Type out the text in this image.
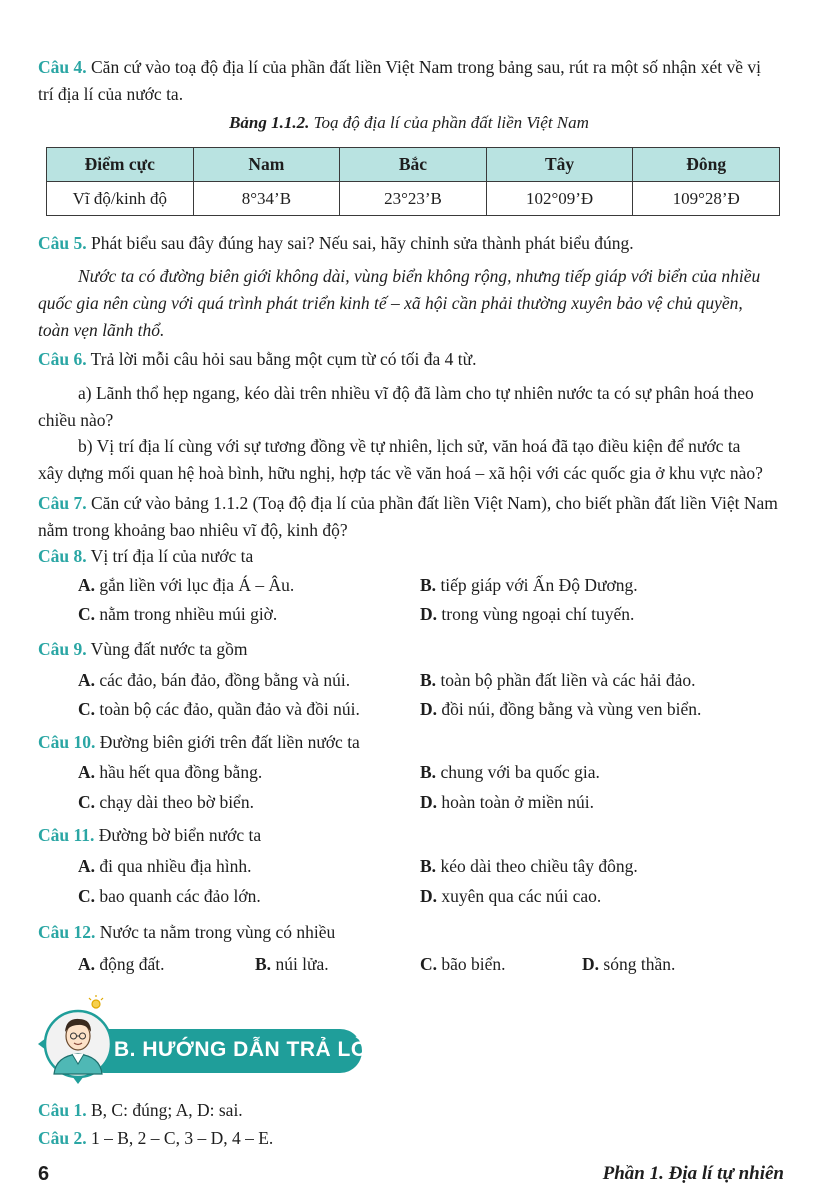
Câu 4. Căn cứ vào toạ độ địa lí của phần đất liền Việt Nam trong bảng sau, rút ra một số nhận xét về vị
trí địa lí của nước ta.
Bảng 1.1.2. Toạ độ địa lí của phần đất liền Việt Nam
Điểm cực	Nam	Bắc	Tây	Đông
Vĩ độ/kinh độ	8°34’B	23°23’B	102°09’Đ	109°28’Đ
Câu 5. Phát biểu sau đây đúng hay sai? Nếu sai, hãy chỉnh sửa thành phát biểu đúng.
Nước ta có đường biên giới không dài, vùng biển không rộng, nhưng tiếp giáp với biển của nhiều
quốc gia nên cùng với quá trình phát triển kinh tế – xã hội cần phải thường xuyên bảo vệ chủ quyền,
toàn vẹn lãnh thổ.
Câu 6. Trả lời mỗi câu hỏi sau bằng một cụm từ có tối đa 4 từ.
a) Lãnh thổ hẹp ngang, kéo dài trên nhiều vĩ độ đã làm cho tự nhiên nước ta có sự phân hoá theo
chiều nào?
b) Vị trí địa lí cùng với sự tương đồng về tự nhiên, lịch sử, văn hoá đã tạo điều kiện để nước ta
xây dựng mối quan hệ hoà bình, hữu nghị, hợp tác về văn hoá – xã hội với các quốc gia ở khu vực nào?
Câu 7. Căn cứ vào bảng 1.1.2 (Toạ độ địa lí của phần đất liền Việt Nam), cho biết phần đất liền Việt Nam
nằm trong khoảng bao nhiêu vĩ độ, kinh độ?
Câu 8. Vị trí địa lí của nước ta
A. gắn liền với lục địa Á – Âu.	B. tiếp giáp với Ấn Độ Dương.
C. nằm trong nhiều múi giờ.	D. trong vùng ngoại chí tuyến.
Câu 9. Vùng đất nước ta gồm
A. các đảo, bán đảo, đồng bằng và núi.	B. toàn bộ phần đất liền và các hải đảo.
C. toàn bộ các đảo, quần đảo và đồi núi.	D. đồi núi, đồng bằng và vùng ven biển.
Câu 10. Đường biên giới trên đất liền nước ta
A. hầu hết qua đồng bằng.	B. chung với ba quốc gia.
C. chạy dài theo bờ biển.	D. hoàn toàn ở miền núi.
Câu 11. Đường bờ biển nước ta
A. đi qua nhiều địa hình.	B. kéo dài theo chiều tây đông.
C. bao quanh các đảo lớn.	D. xuyên qua các núi cao.
Câu 12. Nước ta nằm trong vùng có nhiều
A. động đất.	B. núi lửa.	C. bão biển.	D. sóng thần.
B. HƯỚNG DẪN TRẢ LỜI
Câu 1. B, C: đúng; A, D: sai.
Câu 2. 1 – B, 2 – C, 3 – D, 4 – E.
6	Phần 1. Địa lí tự nhiên
